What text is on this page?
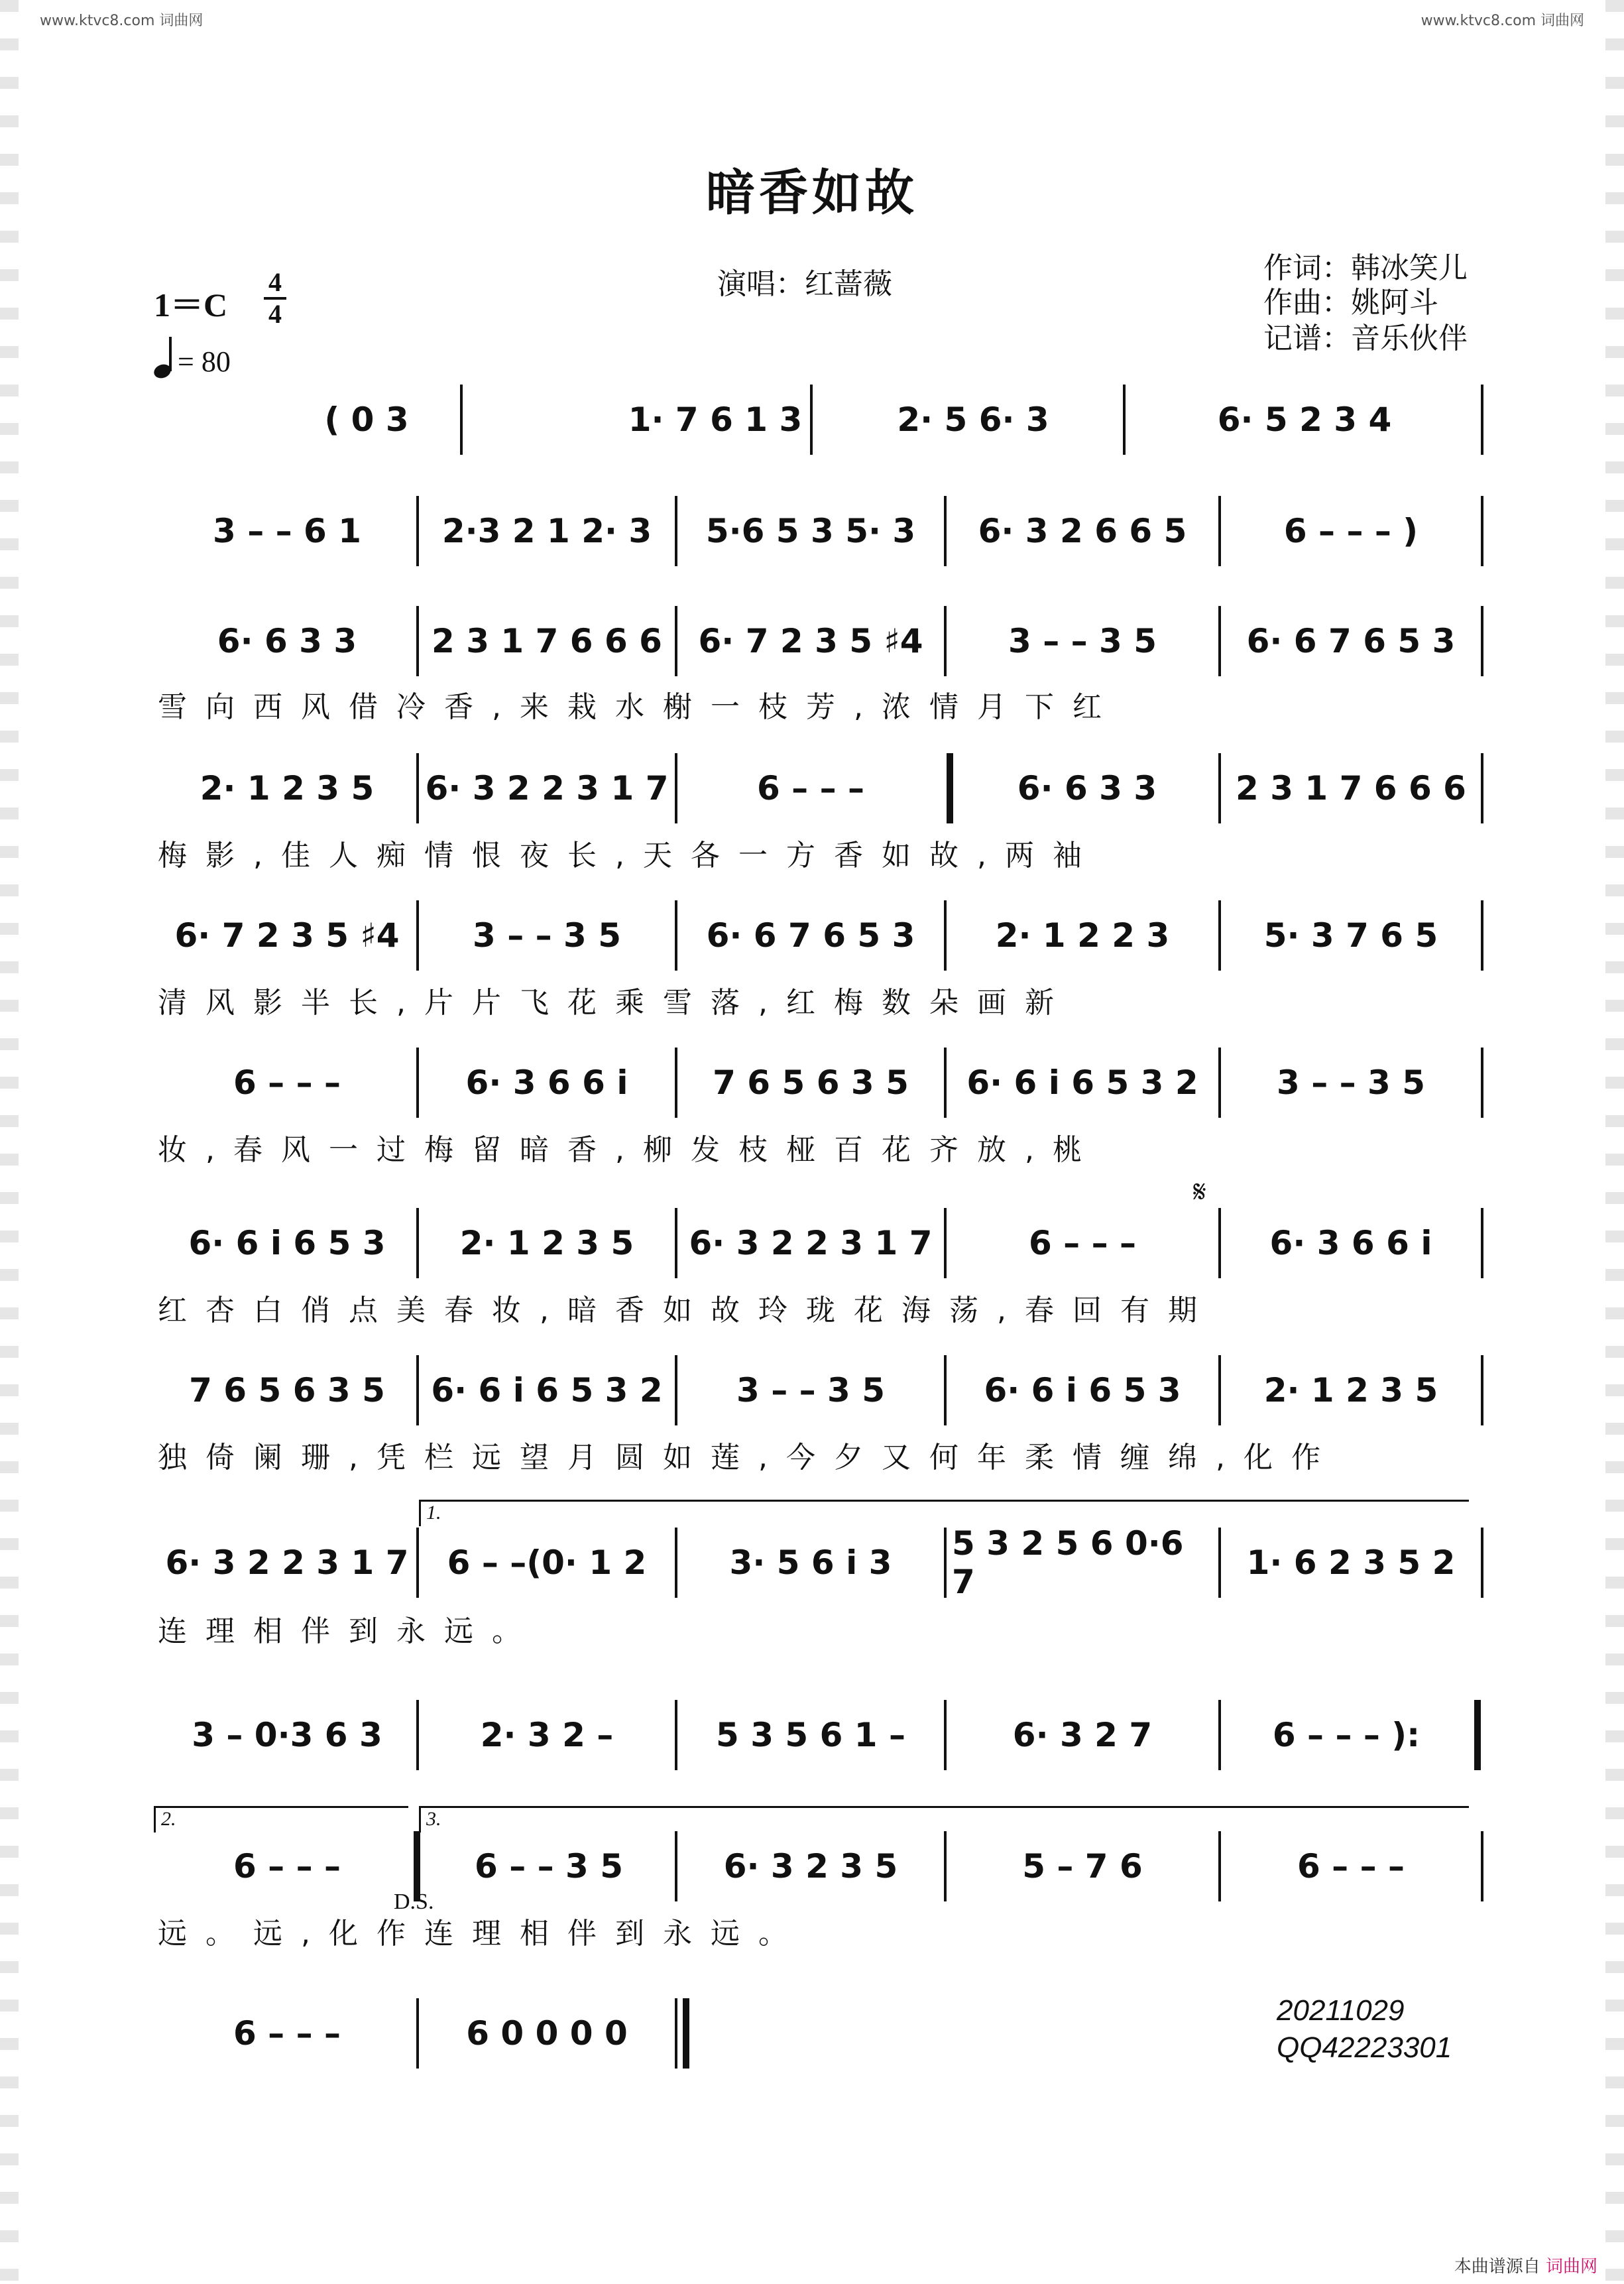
www.ktvc8.com 词曲网	www.ktvc8.com 词曲网
暗香如故
演唱：红蔷薇	作词：韩冰笑儿
作曲：姚阿斗
记谱：音乐伙伴
1＝C
4
4
= 80
( 0 3	1· 7 6 1 3	2· 5 6· 3	6· 5 2 3 4
3 – – 6 1	2·3 2 1 2· 3	5·6 5 3 5· 3	6· 3 2 6 6 5	6 – – – )
6· 6 3 3	2 3 1 7 6 6 6	6· 7 2 3 5 ♯4	3 – – 3 5	6· 6 7 6 5 3
雪向西风借冷香,来栽水榭一枝芳,浓情月下红
2· 1 2 3 5	6· 3 2 2 3 1 7	6 – – –	6· 6 3 3	2 3 1 7 6 6 6
梅影,佳人痴情恨夜长,天各一方香如故,两袖
6· 7 2 3 5 ♯4	3 – – 3 5	6· 6 7 6 5 3	2· 1 2 2 3	5· 3 7 6 5
清风影半长,片片飞花乘雪落,红梅数朵画新
6 – – –	6· 3 6 6 i	7 6 5 6 3 5	6· 6 i 6 5 3 2	3 – – 3 5
妆,春风一过梅留暗香,柳发枝桠百花齐放,桃
𝄋
6· 6 i 6 5 3	2· 1 2 3 5	6· 3 2 2 3 1 7	6 – – –	6· 3 6 6 i
红杏白俏点美春妆,暗香如故玲珑花海荡,春回有期
7 6 5 6 3 5	6· 6 i 6 5 3 2	3 – – 3 5	6· 6 i 6 5 3	2· 1 2 3 5
独倚阑珊,凭栏远望月圆如莲,今夕又何年柔情缠绵,化作
1.
6· 3 2 2 3 1 7	6 – –(0· 1 2	3· 5 6 i 3	5 3 2 5 6 0·6 7	1· 6 2 3 5 2
连理相伴到永远。
3 – 0·3 6 3	2· 3 2 –	5 3 5 6 1 –	6· 3 2 7	6 – – – ):
2.	3.
6 – – –	6 – – 3 5	6· 3 2 3 5	5 – 7 6	6 – – –
D.S.
远。远,化作连理相伴到永远。
6 – – –	6 0 0 0 0
20211029
QQ42223301
本曲谱源自 词曲网
